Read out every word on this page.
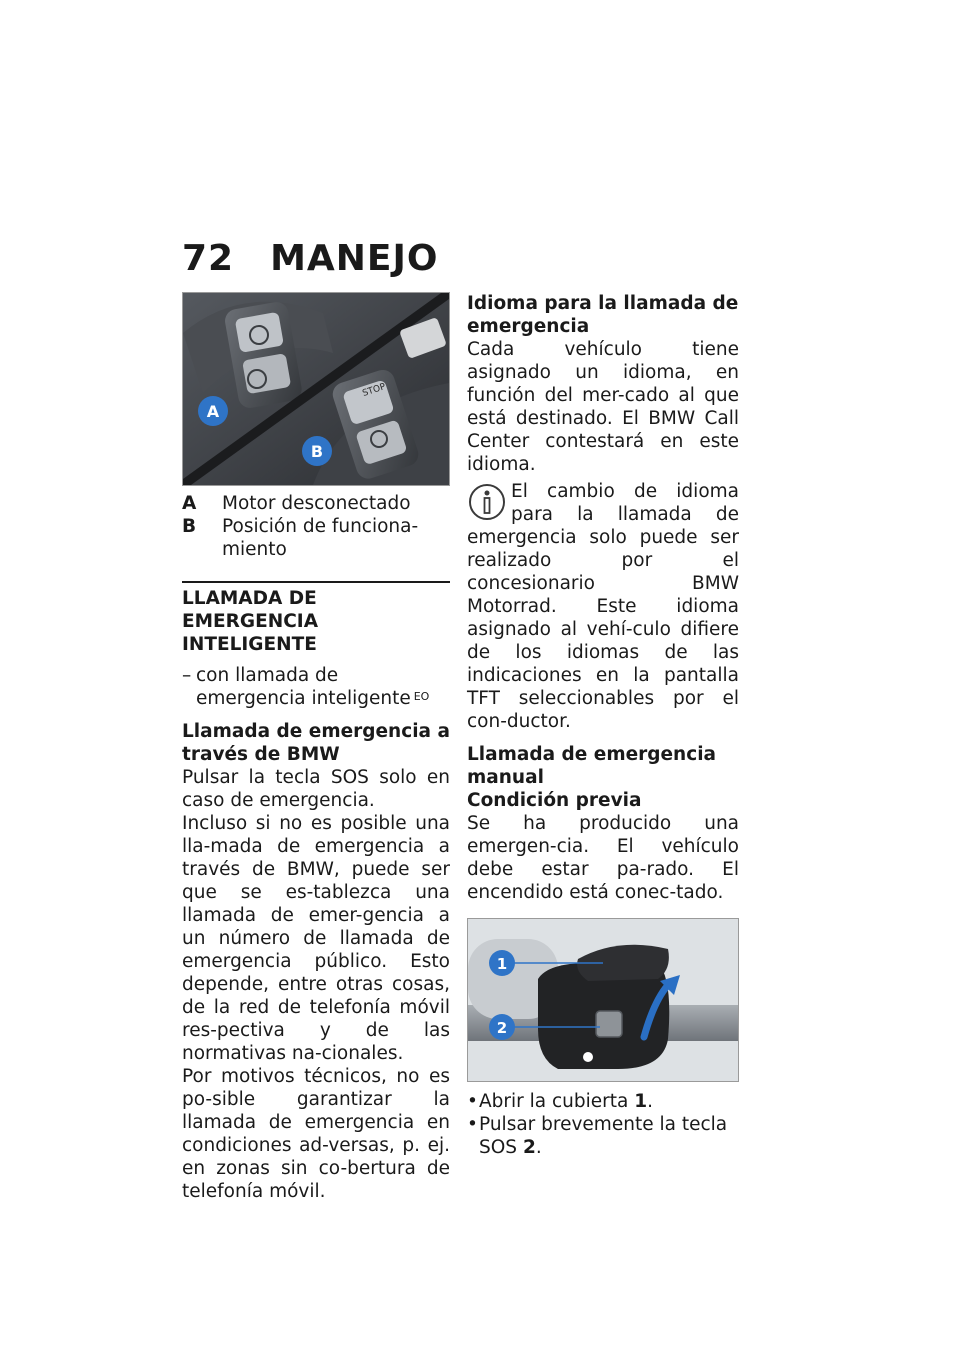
72 MANEJO
STOP
A
B
A	Motor desconectado
B	Posición de funciona-miento
LLAMADA DE EMERGENCIA INTELIGENTE
– con llamada de emergencia inteligente $^{EO}$
Llamada de emergencia a través de BMW

Pulsar la tecla SOS solo en caso de emergencia.

Incluso si no es posible una lla-mada de emergencia a través de BMW, puede ser que se es-tablezca una llamada de emer-gencia a un número de llamada de emergencia público. Esto depende, entre otras cosas, de la red de telefonía móvil res-pectiva y de las normativas na-cionales.

Por motivos técnicos, no es po-sible garantizar la llamada de emergencia en condiciones ad-versas, p. ej. en zonas sin co-bertura de telefonía móvil.

Idioma para la llamada de emergencia

Cada vehículo tiene asignado un idioma, en función del mer-cado al que está destinado. El BMW Call Center contestará en este idioma.

El cambio de idioma para la llamada de emergencia solo puede ser realizado por el concesionario BMW Motorrad. Este idioma asignado al vehí-culo difiere de los idiomas de las indicaciones en la pantalla TFT seleccionables por el con-ductor.

Llamada de emergencia manual
Condición previa

Se ha producido una emergen-cia. El vehículo debe estar pa-rado. El encendido está conec-tado.

1
2
• Abrir la cubierta 1.
• Pulsar brevemente la tecla SOS 2.
